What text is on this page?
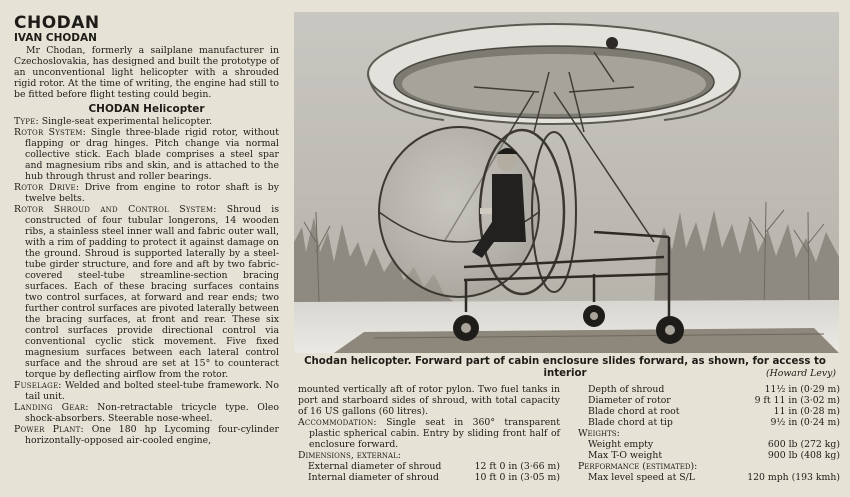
CHODAN
IVAN CHODAN

Mr Chodan, formerly a sailplane manufacturer in Czechoslovakia, has designed and built the prototype of an unconventional light helicopter with a shrouded rigid rotor. At the time of writing, the engine had still to be fitted before flight testing could begin.

CHODAN Helicopter

Type: Single-seat experimental helicopter.

Rotor System: Single three-blade rigid rotor, without flapping or drag hinges. Pitch change via normal collective stick. Each blade comprises a steel spar and magnesium ribs and skin, and is attached to the hub through thrust and roller bearings.

Rotor Drive: Drive from engine to rotor shaft is by twelve belts.

Rotor Shroud and Control System: Shroud is constructed of four tubular longerons, 14 wooden ribs, a stainless steel inner wall and fabric outer wall, with a rim of padding to protect it against damage on the ground. Shroud is supported laterally by a steel-tube girder structure, and fore and aft by two fabric-covered steel-tube streamline-section bracing surfaces. Each of these bracing surfaces contains two control surfaces, at forward and rear ends; two further control surfaces are pivoted laterally between the bracing surfaces, at front and rear. These six control surfaces provide directional control via conventional cyclic stick movement. Five fixed magnesium surfaces between each lateral control surface and the shroud are set at 15° to counteract torque by deflecting airflow from the rotor.

Fuselage: Welded and bolted steel-tube framework. No tail unit.

Landing Gear: Non-retractable tricycle type. Oleo shock-absorbers. Steerable nose-wheel.

Power Plant: One 180 hp Lycoming four-cylinder horizontally-opposed air-cooled engine,

Chodan helicopter. Forward part of cabin enclosure slides forward, as shown, for access to interior	(Howard Levy)

mounted vertically aft of rotor pylon. Two fuel tanks in port and starboard sides of shroud, with total capacity of 16 US gallons (60 litres).

Accommodation: Single seat in 360° transparent plastic spherical cabin. Entry by sliding front half of enclosure forward.

Dimensions, external:

External diameter of shroud	12 ft 0 in (3·66 m)
Internal diameter of shroud	10 ft 0 in (3·05 m)
Depth of shroud	11½ in (0·29 m)
Diameter of rotor	9 ft 11 in (3·02 m)
Blade chord at root	11 in (0·28 m)
Blade chord at tip	9½ in (0·24 m)
Weights:
Weight empty	600 lb (272 kg)
Max T-O weight	900 lb (408 kg)
Performance (estimated):
Max level speed at S/L	120 mph (193 kmh)
